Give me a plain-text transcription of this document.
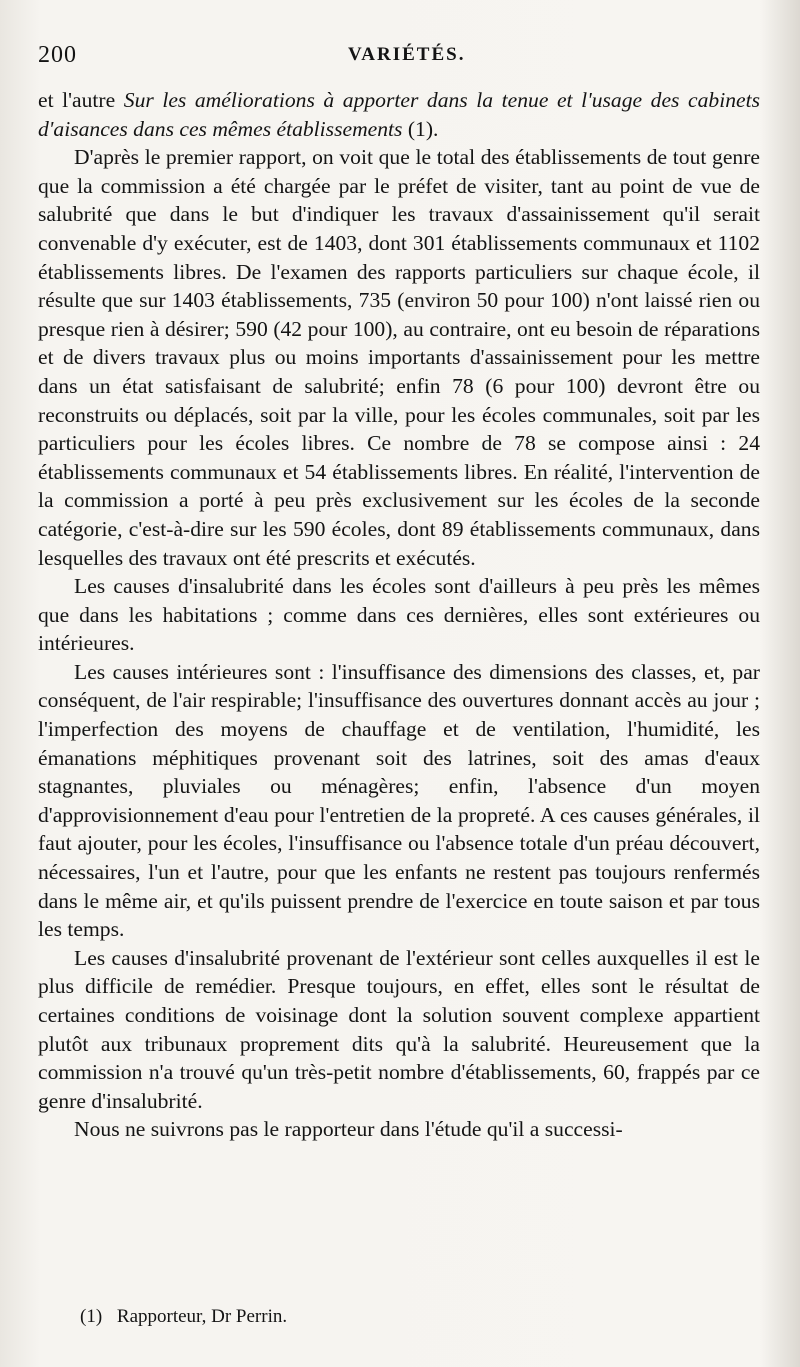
200	VARIÉTÉS.

et l'autre Sur les améliorations à apporter dans la tenue et l'usage des cabinets d'aisances dans ces mêmes établissements (1).

D'après le premier rapport, on voit que le total des établissements de tout genre que la commission a été chargée par le préfet de visiter, tant au point de vue de salubrité que dans le but d'indiquer les travaux d'assainissement qu'il serait convenable d'y exécuter, est de 1403, dont 301 établissements communaux et 1102 établissements libres. De l'examen des rapports particuliers sur chaque école, il résulte que sur 1403 établissements, 735 (environ 50 pour 100) n'ont laissé rien ou presque rien à désirer; 590 (42 pour 100), au contraire, ont eu besoin de réparations et de divers travaux plus ou moins importants d'assainissement pour les mettre dans un état satisfaisant de salubrité; enfin 78 (6 pour 100) devront être ou reconstruits ou déplacés, soit par la ville, pour les écoles communales, soit par les particuliers pour les écoles libres. Ce nombre de 78 se compose ainsi : 24 établissements communaux et 54 établissements libres. En réalité, l'intervention de la commission a porté à peu près exclusivement sur les écoles de la seconde catégorie, c'est-à-dire sur les 590 écoles, dont 89 établissements communaux, dans lesquelles des travaux ont été prescrits et exécutés.

Les causes d'insalubrité dans les écoles sont d'ailleurs à peu près les mêmes que dans les habitations ; comme dans ces dernières, elles sont extérieures ou intérieures.

Les causes intérieures sont : l'insuffisance des dimensions des classes, et, par conséquent, de l'air respirable; l'insuffisance des ouvertures donnant accès au jour ; l'imperfection des moyens de chauffage et de ventilation, l'humidité, les émanations méphitiques provenant soit des latrines, soit des amas d'eaux stagnantes, pluviales ou ménagères; enfin, l'absence d'un moyen d'approvisionnement d'eau pour l'entretien de la propreté. A ces causes générales, il faut ajouter, pour les écoles, l'insuffisance ou l'absence totale d'un préau découvert, nécessaires, l'un et l'autre, pour que les enfants ne restent pas toujours renfermés dans le même air, et qu'ils puissent prendre de l'exercice en toute saison et par tous les temps.

Les causes d'insalubrité provenant de l'extérieur sont celles auxquelles il est le plus difficile de remédier. Presque toujours, en effet, elles sont le résultat de certaines conditions de voisinage dont la solution souvent complexe appartient plutôt aux tribunaux proprement dits qu'à la salubrité. Heureusement que la commission n'a trouvé qu'un très-petit nombre d'établissements, 60, frappés par ce genre d'insalubrité.

Nous ne suivrons pas le rapporteur dans l'étude qu'il a successi-

(1) Rapporteur, Dr Perrin.
